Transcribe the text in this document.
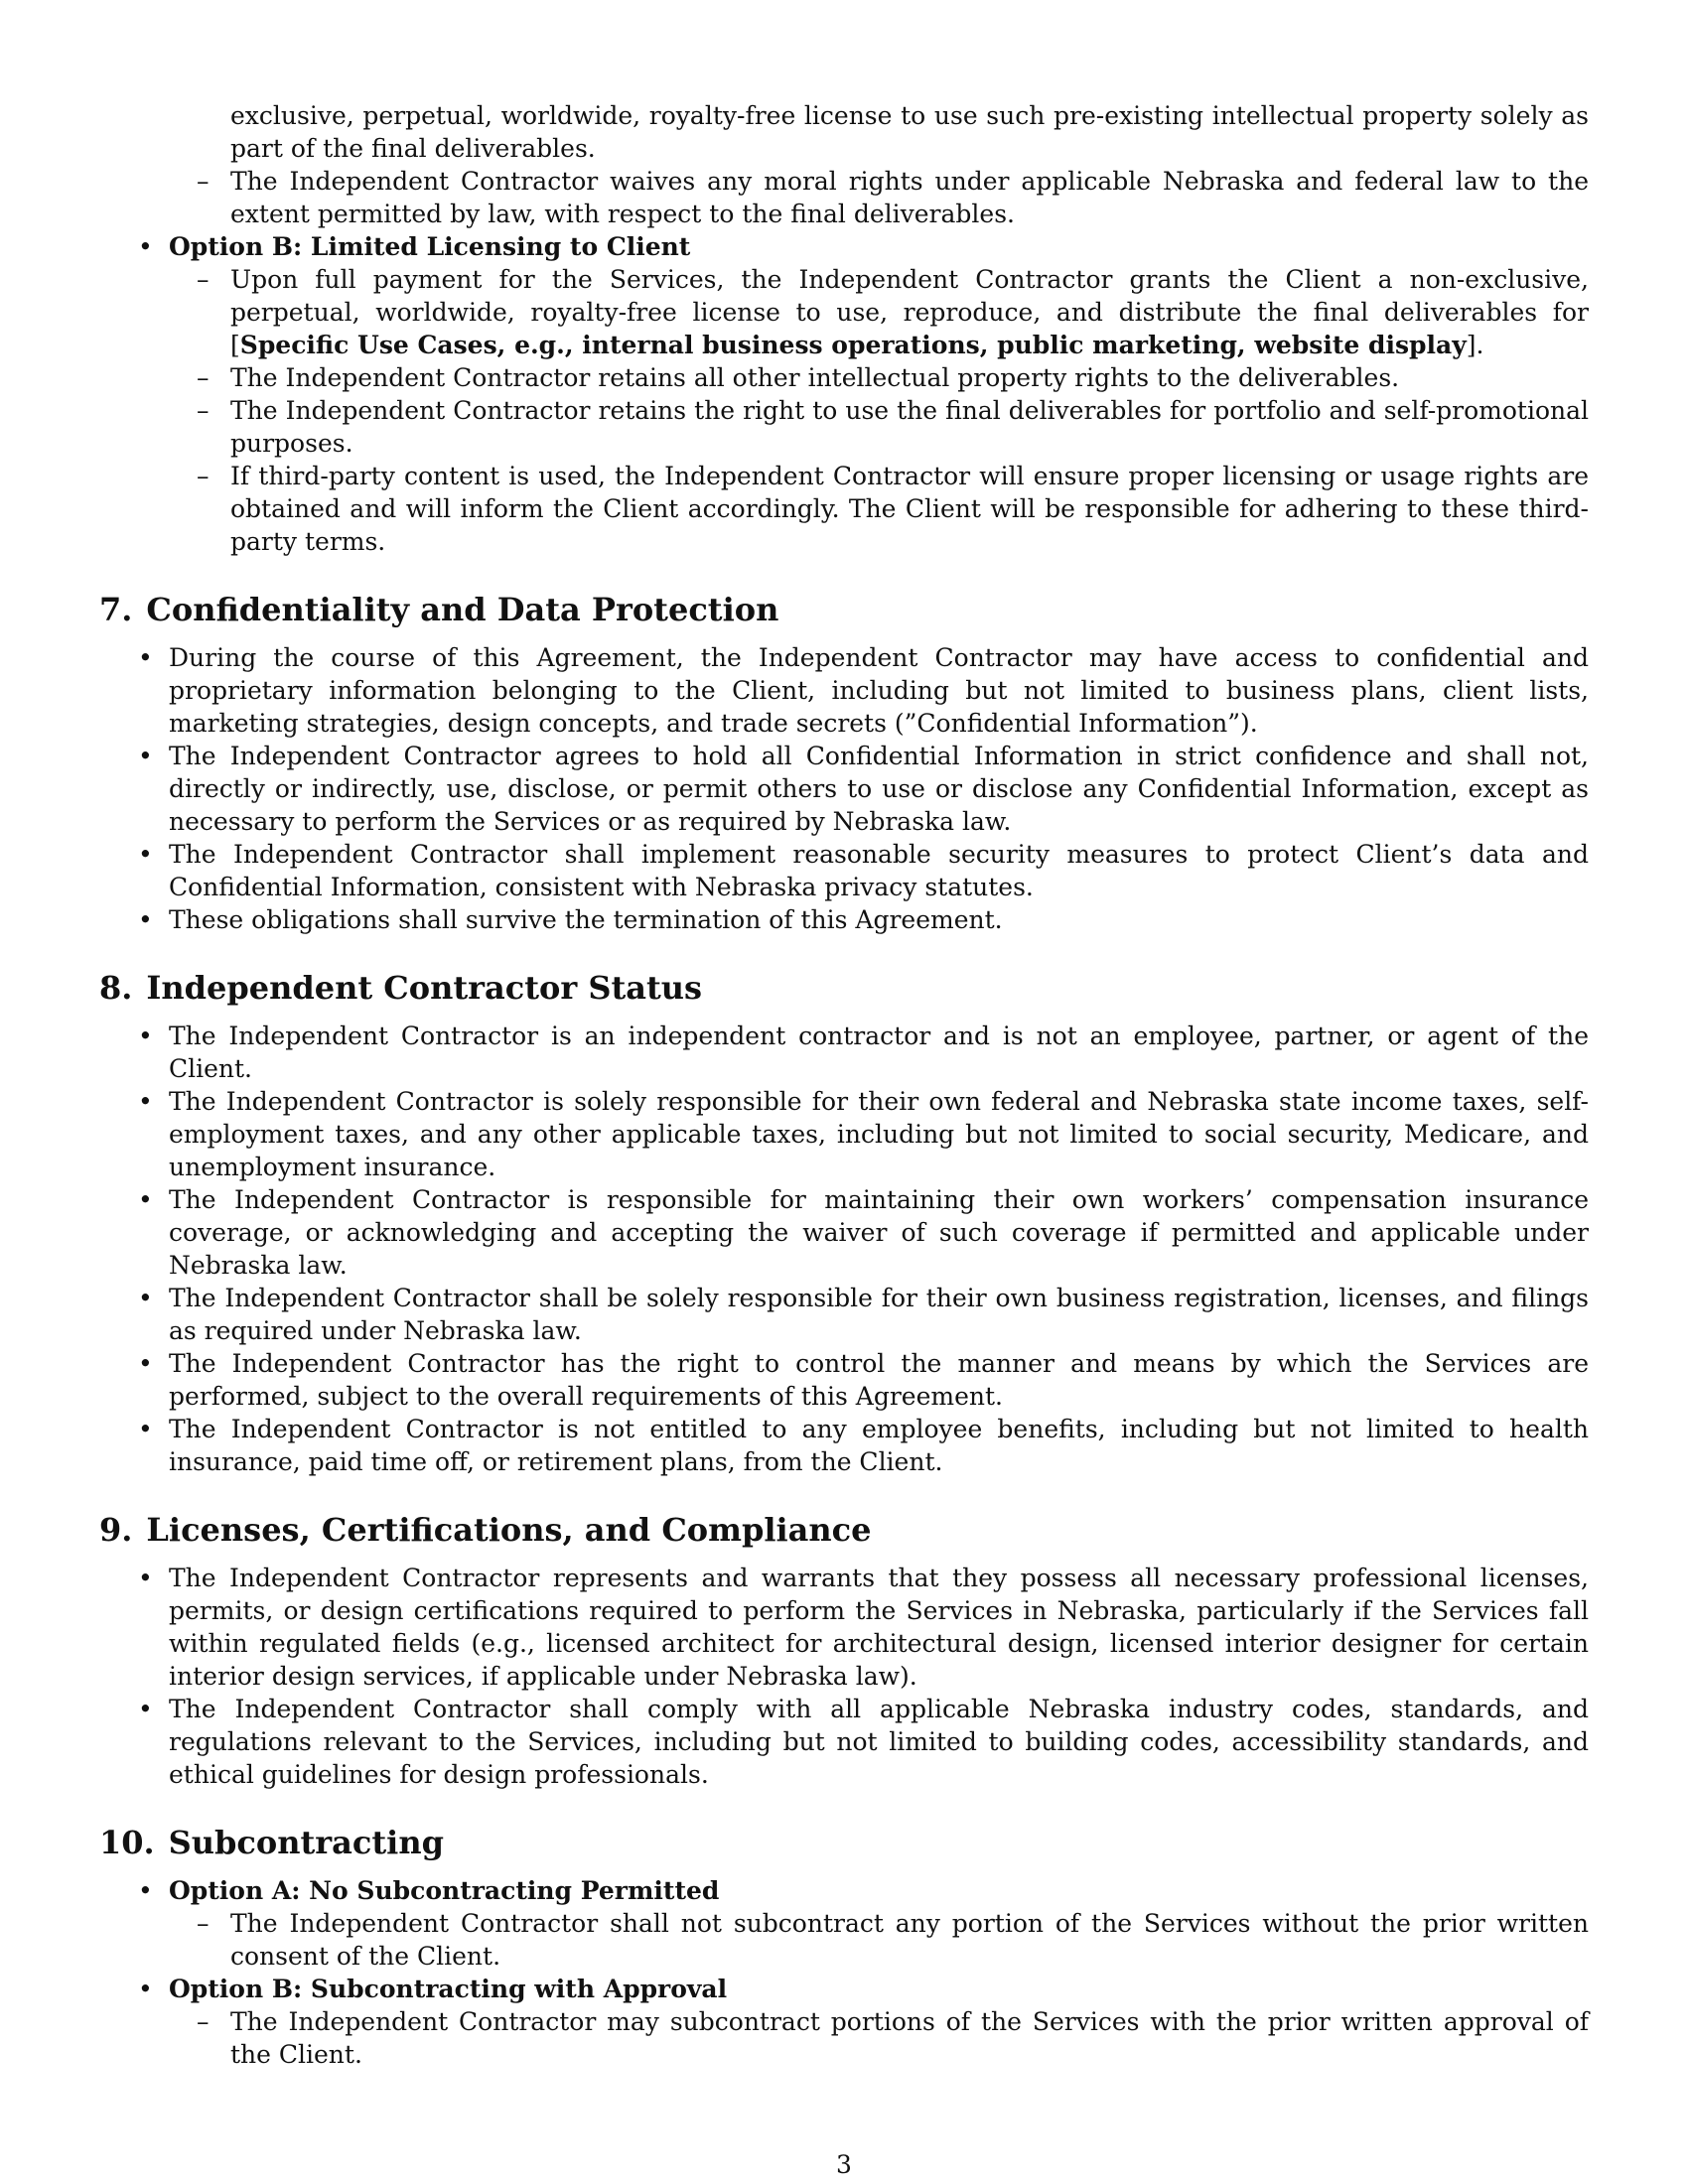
exclusive, perpetual, worldwide, royalty-free license to use such pre-existing intellectual property solely as part of the final deliverables.
– The Independent Contractor waives any moral rights under applicable Nebraska and federal law to the extent permitted by law, with respect to the final deliverables.
• Option B: Limited Licensing to Client
– Upon full payment for the Services, the Independent Contractor grants the Client a non-exclusive, perpetual, worldwide, royalty-free license to use, reproduce, and distribute the final deliverables for [Specific Use Cases, e.g., internal business operations, public marketing, website display].
– The Independent Contractor retains all other intellectual property rights to the deliverables.
– The Independent Contractor retains the right to use the final deliverables for portfolio and self-promotional purposes.
– If third-party content is used, the Independent Contractor will ensure proper licensing or usage rights are obtained and will inform the Client accordingly. The Client will be responsible for adhering to these third-party terms.
7. Confidentiality and Data Protection
• During the course of this Agreement, the Independent Contractor may have access to confidential and proprietary information belonging to the Client, including but not limited to business plans, client lists, marketing strategies, design concepts, and trade secrets (”Confidential Information”).
• The Independent Contractor agrees to hold all Confidential Information in strict confidence and shall not, directly or indirectly, use, disclose, or permit others to use or disclose any Confidential Information, except as necessary to perform the Services or as required by Nebraska law.
• The Independent Contractor shall implement reasonable security measures to protect Client’s data and Confidential Information, consistent with Nebraska privacy statutes.
• These obligations shall survive the termination of this Agreement.
8. Independent Contractor Status
• The Independent Contractor is an independent contractor and is not an employee, partner, or agent of the Client.
• The Independent Contractor is solely responsible for their own federal and Nebraska state income taxes, self-employment taxes, and any other applicable taxes, including but not limited to social security, Medicare, and unemployment insurance.
• The Independent Contractor is responsible for maintaining their own workers’ compensation insurance coverage, or acknowledging and accepting the waiver of such coverage if permitted and applicable under Nebraska law.
• The Independent Contractor shall be solely responsible for their own business registration, licenses, and filings as required under Nebraska law.
• The Independent Contractor has the right to control the manner and means by which the Services are performed, subject to the overall requirements of this Agreement.
• The Independent Contractor is not entitled to any employee benefits, including but not limited to health insurance, paid time off, or retirement plans, from the Client.
9. Licenses, Certifications, and Compliance
• The Independent Contractor represents and warrants that they possess all necessary professional licenses, permits, or design certifications required to perform the Services in Nebraska, particularly if the Services fall within regulated fields (e.g., licensed architect for architectural design, licensed interior designer for certain interior design services, if applicable under Nebraska law).
• The Independent Contractor shall comply with all applicable Nebraska industry codes, standards, and regulations relevant to the Services, including but not limited to building codes, accessibility standards, and ethical guidelines for design professionals.
10. Subcontracting
• Option A: No Subcontracting Permitted
– The Independent Contractor shall not subcontract any portion of the Services without the prior written consent of the Client.
• Option B: Subcontracting with Approval
– The Independent Contractor may subcontract portions of the Services with the prior written approval of the Client.
3
